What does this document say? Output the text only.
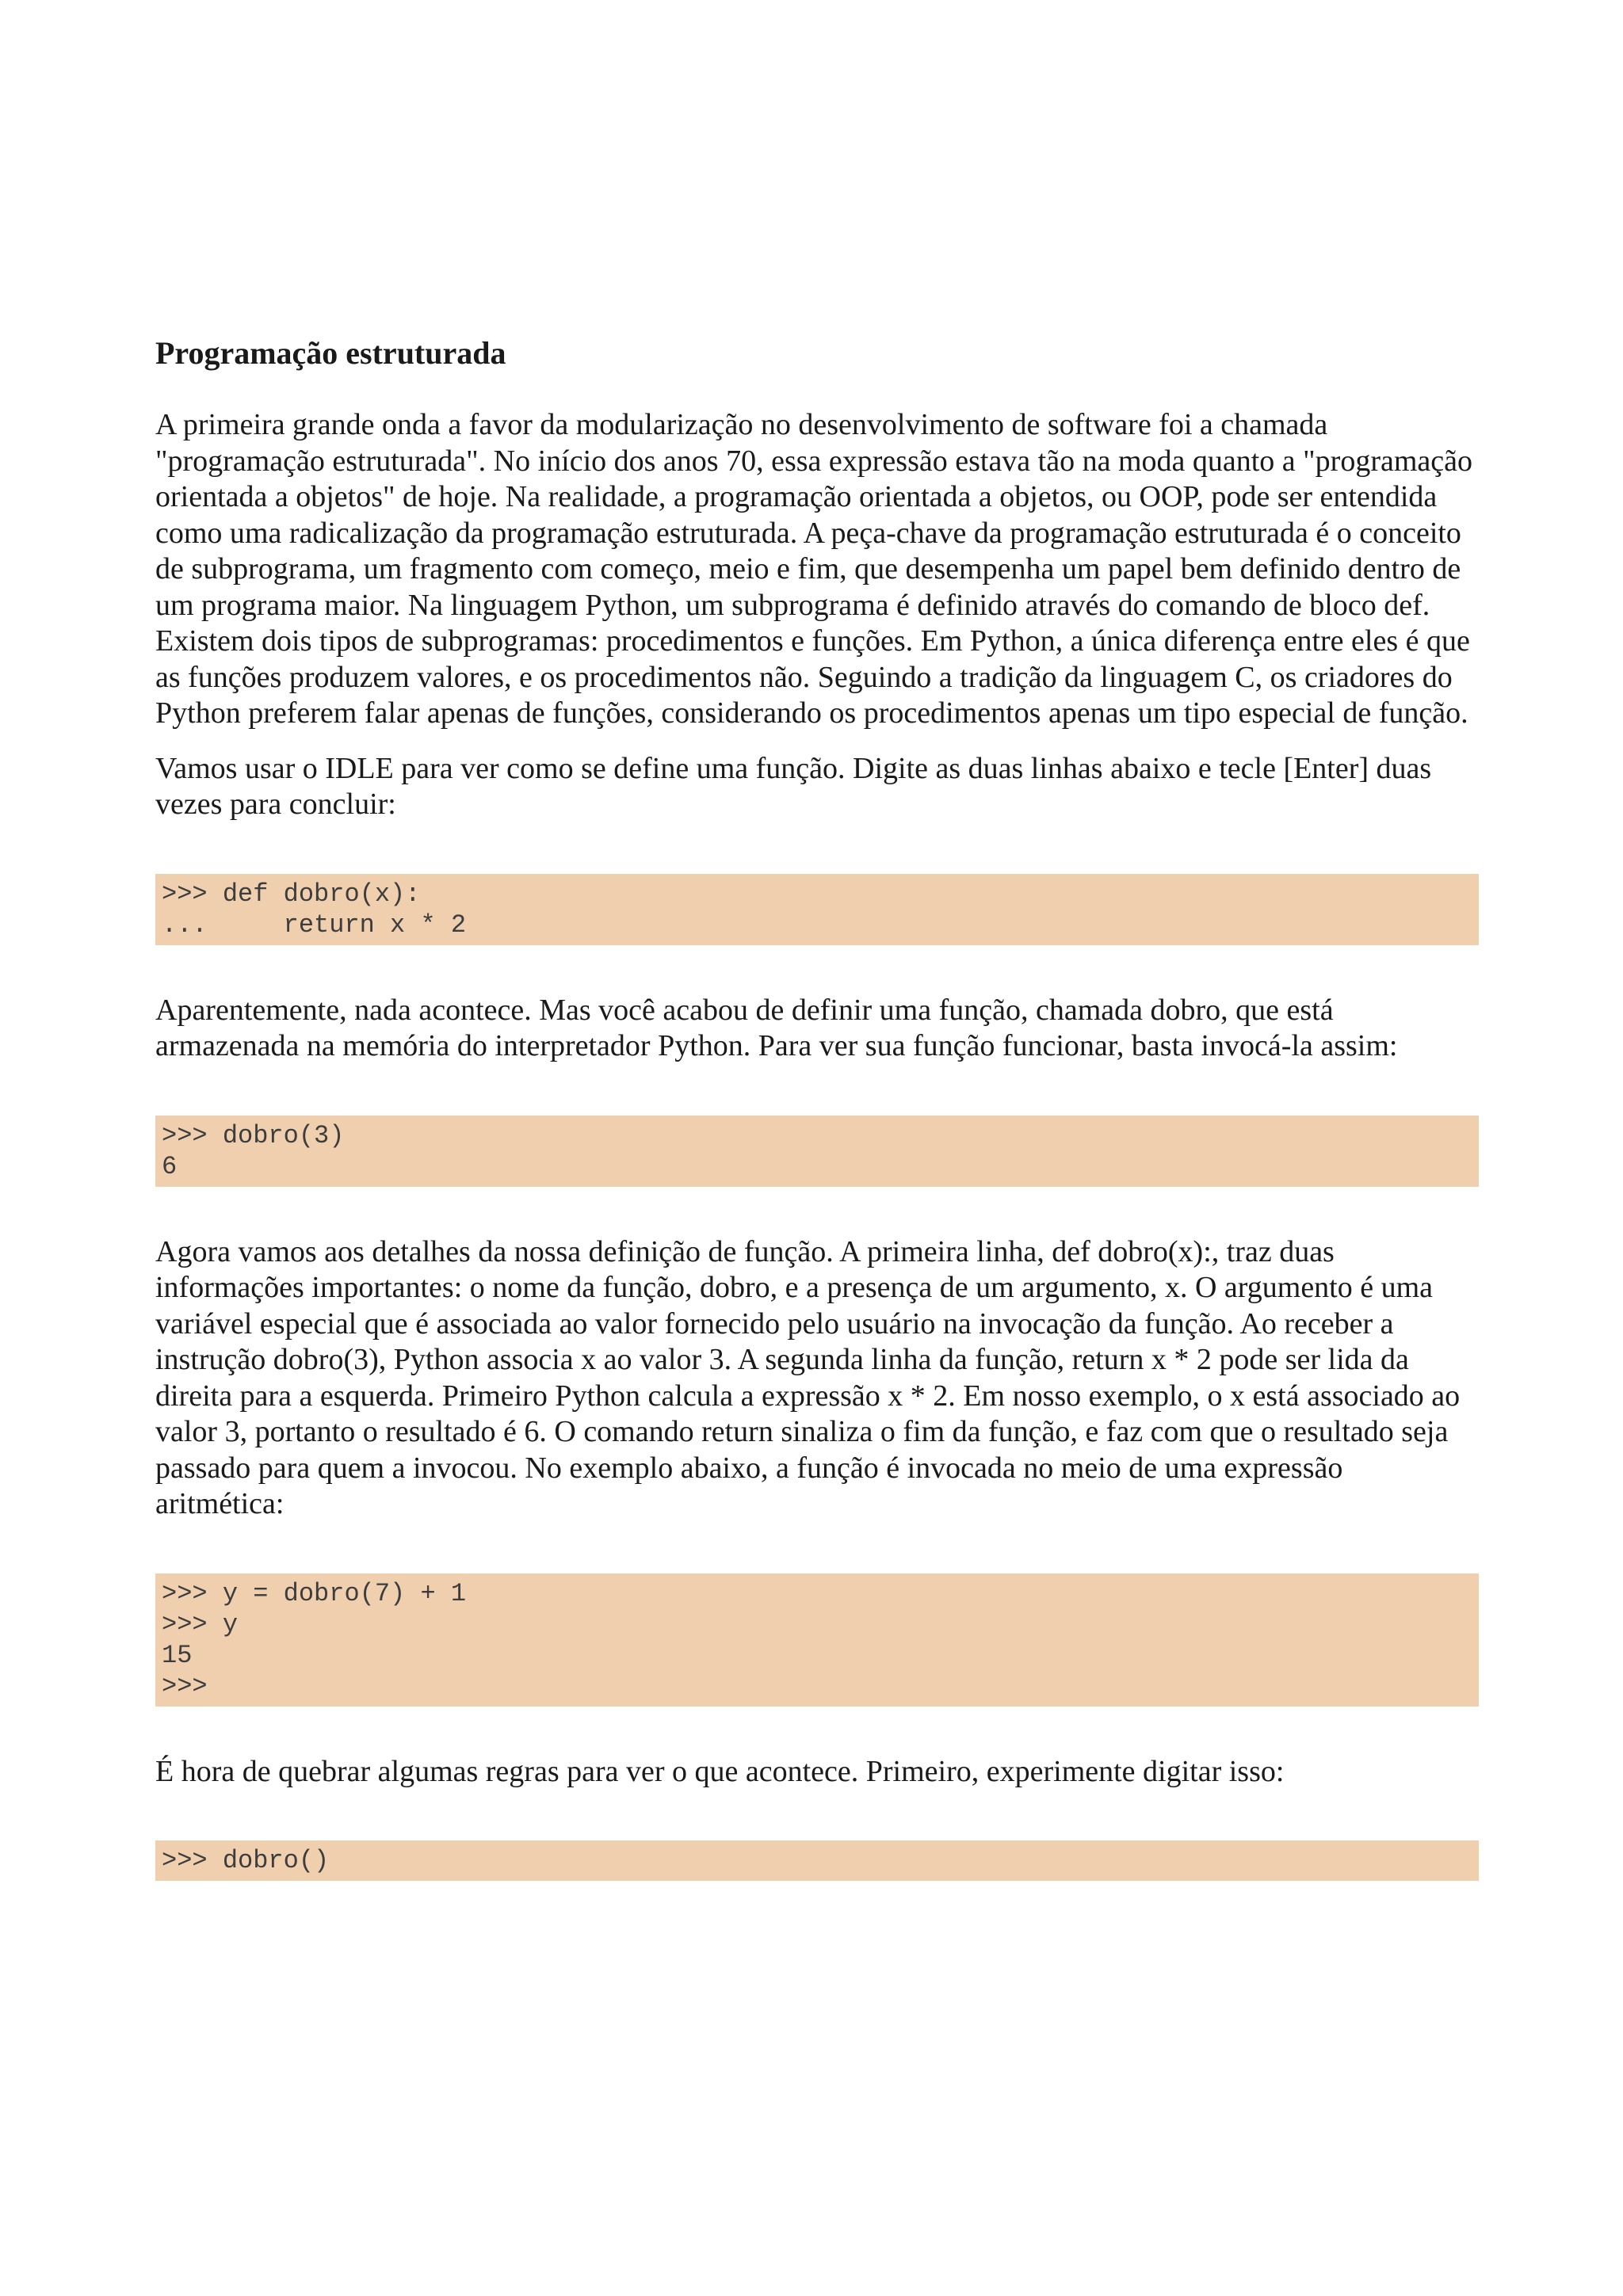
Programação estruturada

A primeira grande onda a favor da modularização no desenvolvimento de software foi a chamada "programação estruturada". No início dos anos 70, essa expressão estava tão na moda quanto a "programação orientada a objetos" de hoje. Na realidade, a programação orientada a objetos, ou OOP, pode ser entendida como uma radicalização da programação estruturada. A peça-chave da programação estruturada é o conceito de subprograma, um fragmento com começo, meio e fim, que desempenha um papel bem definido dentro de um programa maior. Na linguagem Python, um subprograma é definido através do comando de bloco def. Existem dois tipos de subprogramas: procedimentos e funções. Em Python, a única diferença entre eles é que as funções produzem valores, e os procedimentos não. Seguindo a tradição da linguagem C, os criadores do Python preferem falar apenas de funções, considerando os procedimentos apenas um tipo especial de função.

Vamos usar o IDLE para ver como se define uma função. Digite as duas linhas abaixo e tecle [Enter] duas vezes para concluir:

>>> def dobro(x):
...     return x * 2

Aparentemente, nada acontece. Mas você acabou de definir uma função, chamada dobro, que está armazenada na memória do interpretador Python. Para ver sua função funcionar, basta invocá-la assim:

>>> dobro(3)
6

Agora vamos aos detalhes da nossa definição de função. A primeira linha, def dobro(x):, traz duas informações importantes: o nome da função, dobro, e a presença de um argumento, x. O argumento é uma variável especial que é associada ao valor fornecido pelo usuário na invocação da função. Ao receber a instrução dobro(3), Python associa x ao valor 3. A segunda linha da função, return x * 2 pode ser lida da direita para a esquerda. Primeiro Python calcula a expressão x * 2. Em nosso exemplo, o x está associado ao valor 3, portanto o resultado é 6. O comando return sinaliza o fim da função, e faz com que o resultado seja passado para quem a invocou. No exemplo abaixo, a função é invocada no meio de uma expressão aritmética:

>>> y = dobro(7) + 1
>>> y
15
>>>

É hora de quebrar algumas regras para ver o que acontece. Primeiro, experimente digitar isso:

>>> dobro()
